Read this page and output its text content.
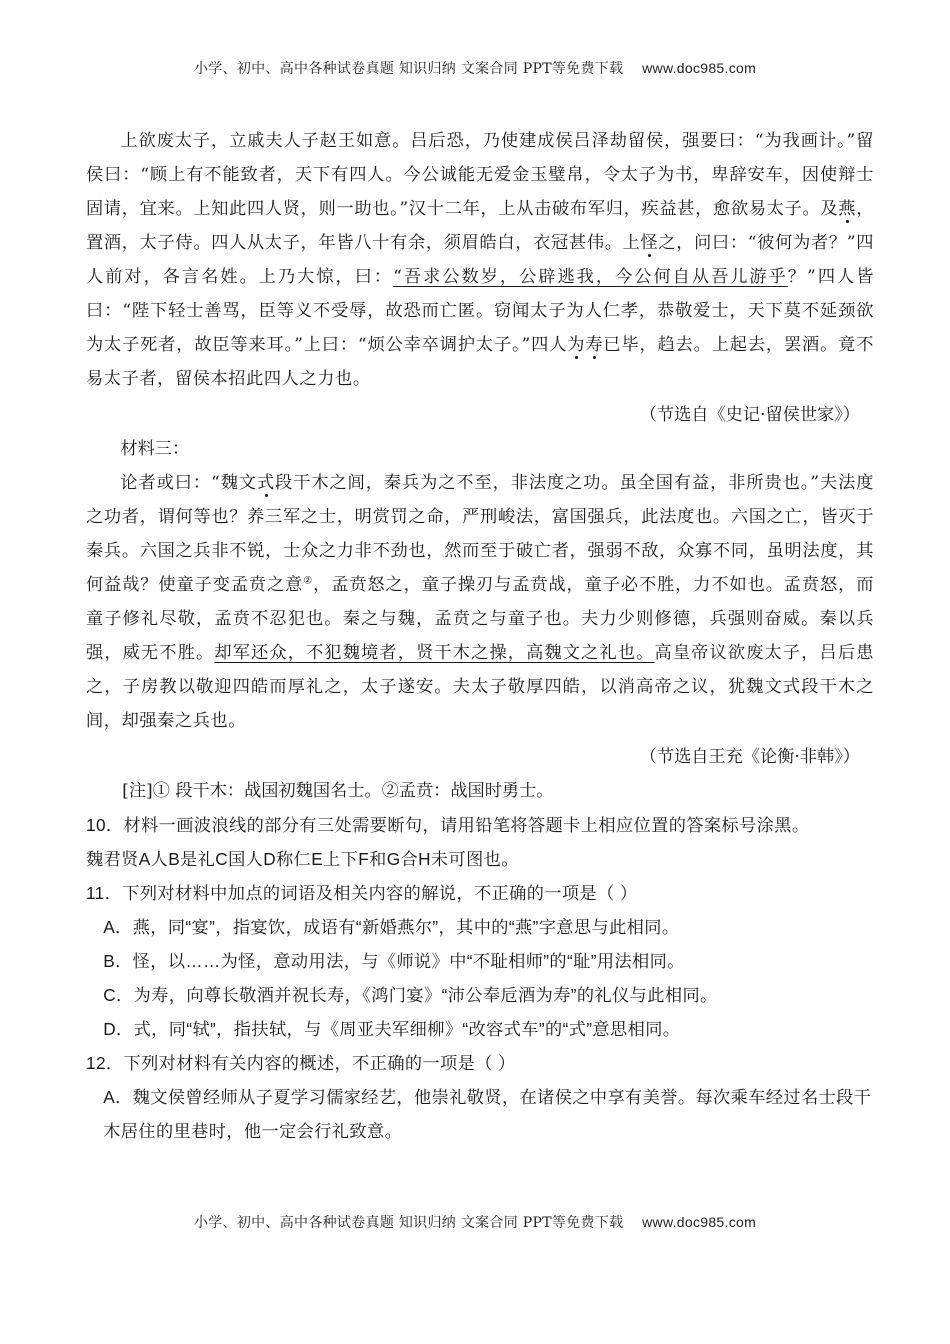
小学、初中、高中各种试卷真题 知识归纳 文案合同 PPT等免费下载 www.doc985.com

上欲废太子，立戚夫人子赵王如意。吕后恐，乃使建成侯吕泽劫留侯，强要曰：“为我画计。”留侯曰：“顾上有不能致者，天下有四人。今公诚能无爱金玉璧帛，令太子为书，卑辞安车，因使辩士固请，宜来。上知此四人贤，则一助也。”汉十二年，上从击破布军归，疾益甚，愈欲易太子。及燕，置酒，太子侍。四人从太子，年皆八十有余，须眉皓白，衣冠甚伟。上怪之，问曰：“彼何为者？”四人前对，各言名姓。上乃大惊，曰：“吾求公数岁，公辟逃我，今公何自从吾儿游乎？”四人皆曰：“陛下轻士善骂，臣等义不受辱，故恐而亡匿。窃闻太子为人仁孝，恭敬爱士，天下莫不延颈欲为太子死者，故臣等来耳。”上曰：“烦公幸卒调护太子。”四人为寿已毕，趋去。上起去，罢酒。竟不易太子者，留侯本招此四人之力也。

（节选自《史记·留侯世家》）

材料三：

论者或曰：“魏文式段干木之闾，秦兵为之不至，非法度之功。虽全国有益，非所贵也。”夫法度之功者，谓何等也？养三军之士，明赏罚之命，严刑峻法，富国强兵，此法度也。六国之亡，皆灭于秦兵。六国之兵非不锐，士众之力非不劲也，然而至于破亡者，强弱不敌，众寡不同，虽明法度，其何益哉？使童子变孟贲之意②，孟贲怒之，童子操刃与孟贲战，童子必不胜，力不如也。孟贲怒，而童子修礼尽敬，孟贲不忍犯也。秦之与魏，孟贲之与童子也。夫力少则修德，兵强则奋威。秦以兵强，威无不胜。却军还众，不犯魏境者，贤干木之操，高魏文之礼也。高皇帝议欲废太子，吕后患之，子房教以敬迎四皓而厚礼之，太子遂安。夫太子敬厚四皓，以消高帝之议，犹魏文式段干木之闾，却强秦之兵也。

（节选自王充《论衡·非韩》）

[注]① 段干木：战国初魏国名士。②孟贲：战国时勇士。

10．材料一画波浪线的部分有三处需要断句，请用铅笔将答题卡上相应位置的答案标号涂黑。

魏君贤A人B是礼C国人D称仁E上下F和G合H未可图也。

11．下列对材料中加点的词语及相关内容的解说，不正确的一项是（ ）

A．燕，同“宴”，指宴饮，成语有“新婚燕尔”，其中的“燕”字意思与此相同。

B．怪，以……为怪，意动用法，与《师说》中“不耻相师”的“耻”用法相同。

C．为寿，向尊长敬酒并祝长寿，《鸿门宴》“沛公奉卮酒为寿”的礼仪与此相同。

D．式，同“轼”，指扶轼，与《周亚夫军细柳》“改容式车”的“式”意思相同。

12．下列对材料有关内容的概述，不正确的一项是（ ）

A．魏文侯曾经师从子夏学习儒家经艺，他崇礼敬贤，在诸侯之中享有美誉。每次乘车经过名士段干木居住的里巷时，他一定会行礼致意。

小学、初中、高中各种试卷真题 知识归纳 文案合同 PPT等免费下载 www.doc985.com
